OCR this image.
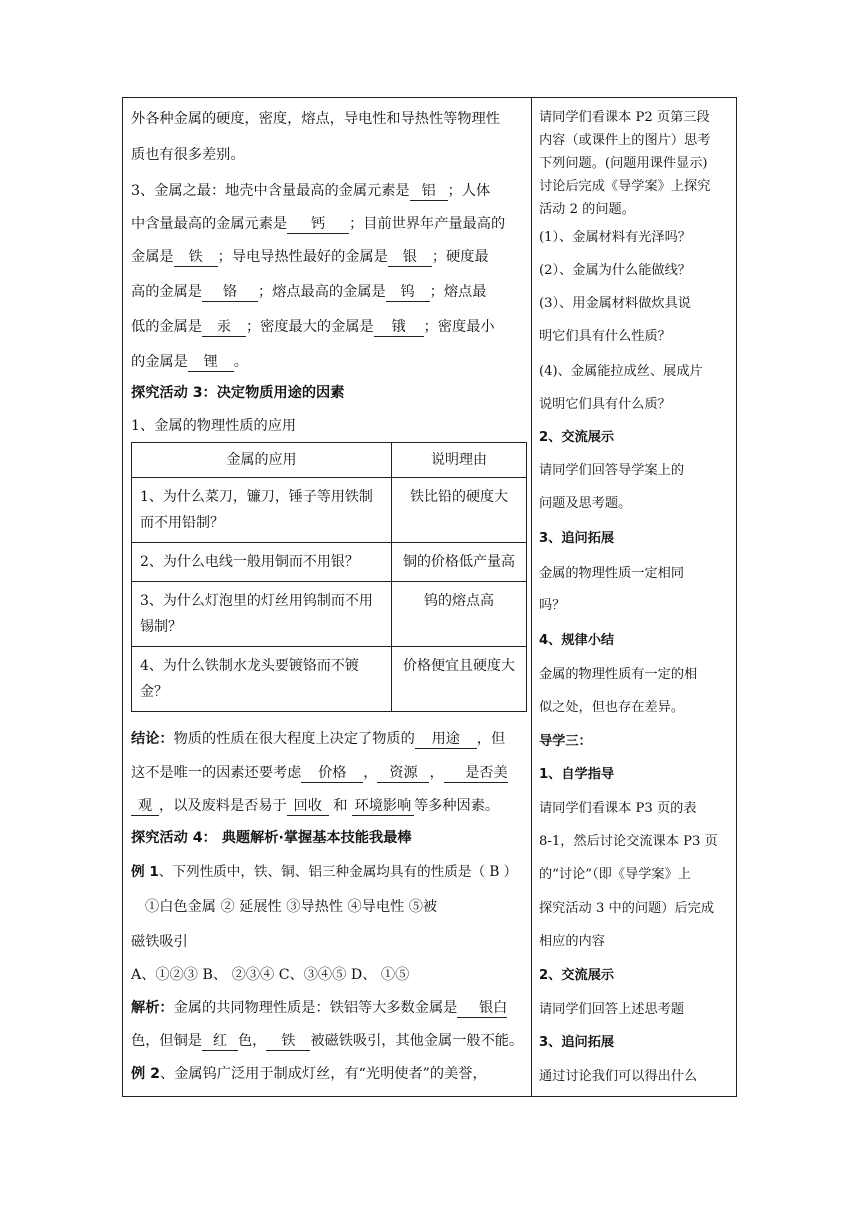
外各种金属的硬度，密度，熔点，导电性和导热性等物理性
质也有很多差别。
3、金属之最：地壳中含量最高的金属元素是 铝 ；人体
中含量最高的金属元素是 钙 ；目前世界年产量最高的
金属是 铁 ；导电导热性最好的金属是 银 ；硬度最
高的金属是 铬 ；熔点最高的金属是 钨 ；熔点最
低的金属是 汞 ；密度最大的金属是 锇 ；密度最小
的金属是 锂 。
探究活动 3：决定物质用途的因素
1、金属的物理性质的应用
金属的应用	说明理由
1、为什么菜刀，镰刀，锤子等用铁制而不用铅制？	铁比铅的硬度大
2、为什么电线一般用铜而不用银？	铜的价格低产量高
3、为什么灯泡里的灯丝用钨制而不用锡制？	钨的熔点高
4、为什么铁制水龙头要镀铬而不镀金？	价格便宜且硬度大
结论：物质的性质在很大程度上决定了物质的 用途 ，但
这不是唯一的因素还要考虑 价格 ， 资源 ， 是否美
观 ，以及废料是否易于 回收 和 环境影响 等多种因素。
探究活动 4： 典题解析·掌握基本技能我最棒
例 1、下列性质中，铁、铜、铝三种金属均具有的性质是（ B ）
①白色金属 ② 延展性 ③导热性 ④导电性 ⑤被
磁铁吸引
A、①②③ B、 ②③④ C、③④⑤ D、 ①⑤
解析：金属的共同物理性质是：铁铝等大多数金属是 银白
色，但铜是 红 色， 铁 被磁铁吸引，其他金属一般不能。
例 2、金属钨广泛用于制成灯丝，有“光明使者”的美誉，
请同学们看课本 P2 页第三段
内容（或课件上的图片）思考
下列问题。(问题用课件显示)
讨论后完成《导学案》上探究
活动 2 的问题。
(1）、金属材料有光泽吗？
(2）、金属为什么能做线？
(3）、用金属材料做炊具说
明它们具有什么性质？
(4)、金属能拉成丝、展成片
说明它们具有什么质？
2、交流展示
请同学们回答导学案上的
问题及思考题。
3、追问拓展
金属的物理性质一定相同
吗？
4、规律小结
金属的物理性质有一定的相
似之处，但也存在差异。
导学三：
1、自学指导
请同学们看课本 P3 页的表
8-1，然后讨论交流课本 P3 页
的“讨论”（即《导学案》上
探究活动 3 中的问题）后完成
相应的内容
2、交流展示
请同学们回答上述思考题
3、追问拓展
通过讨论我们可以得出什么
